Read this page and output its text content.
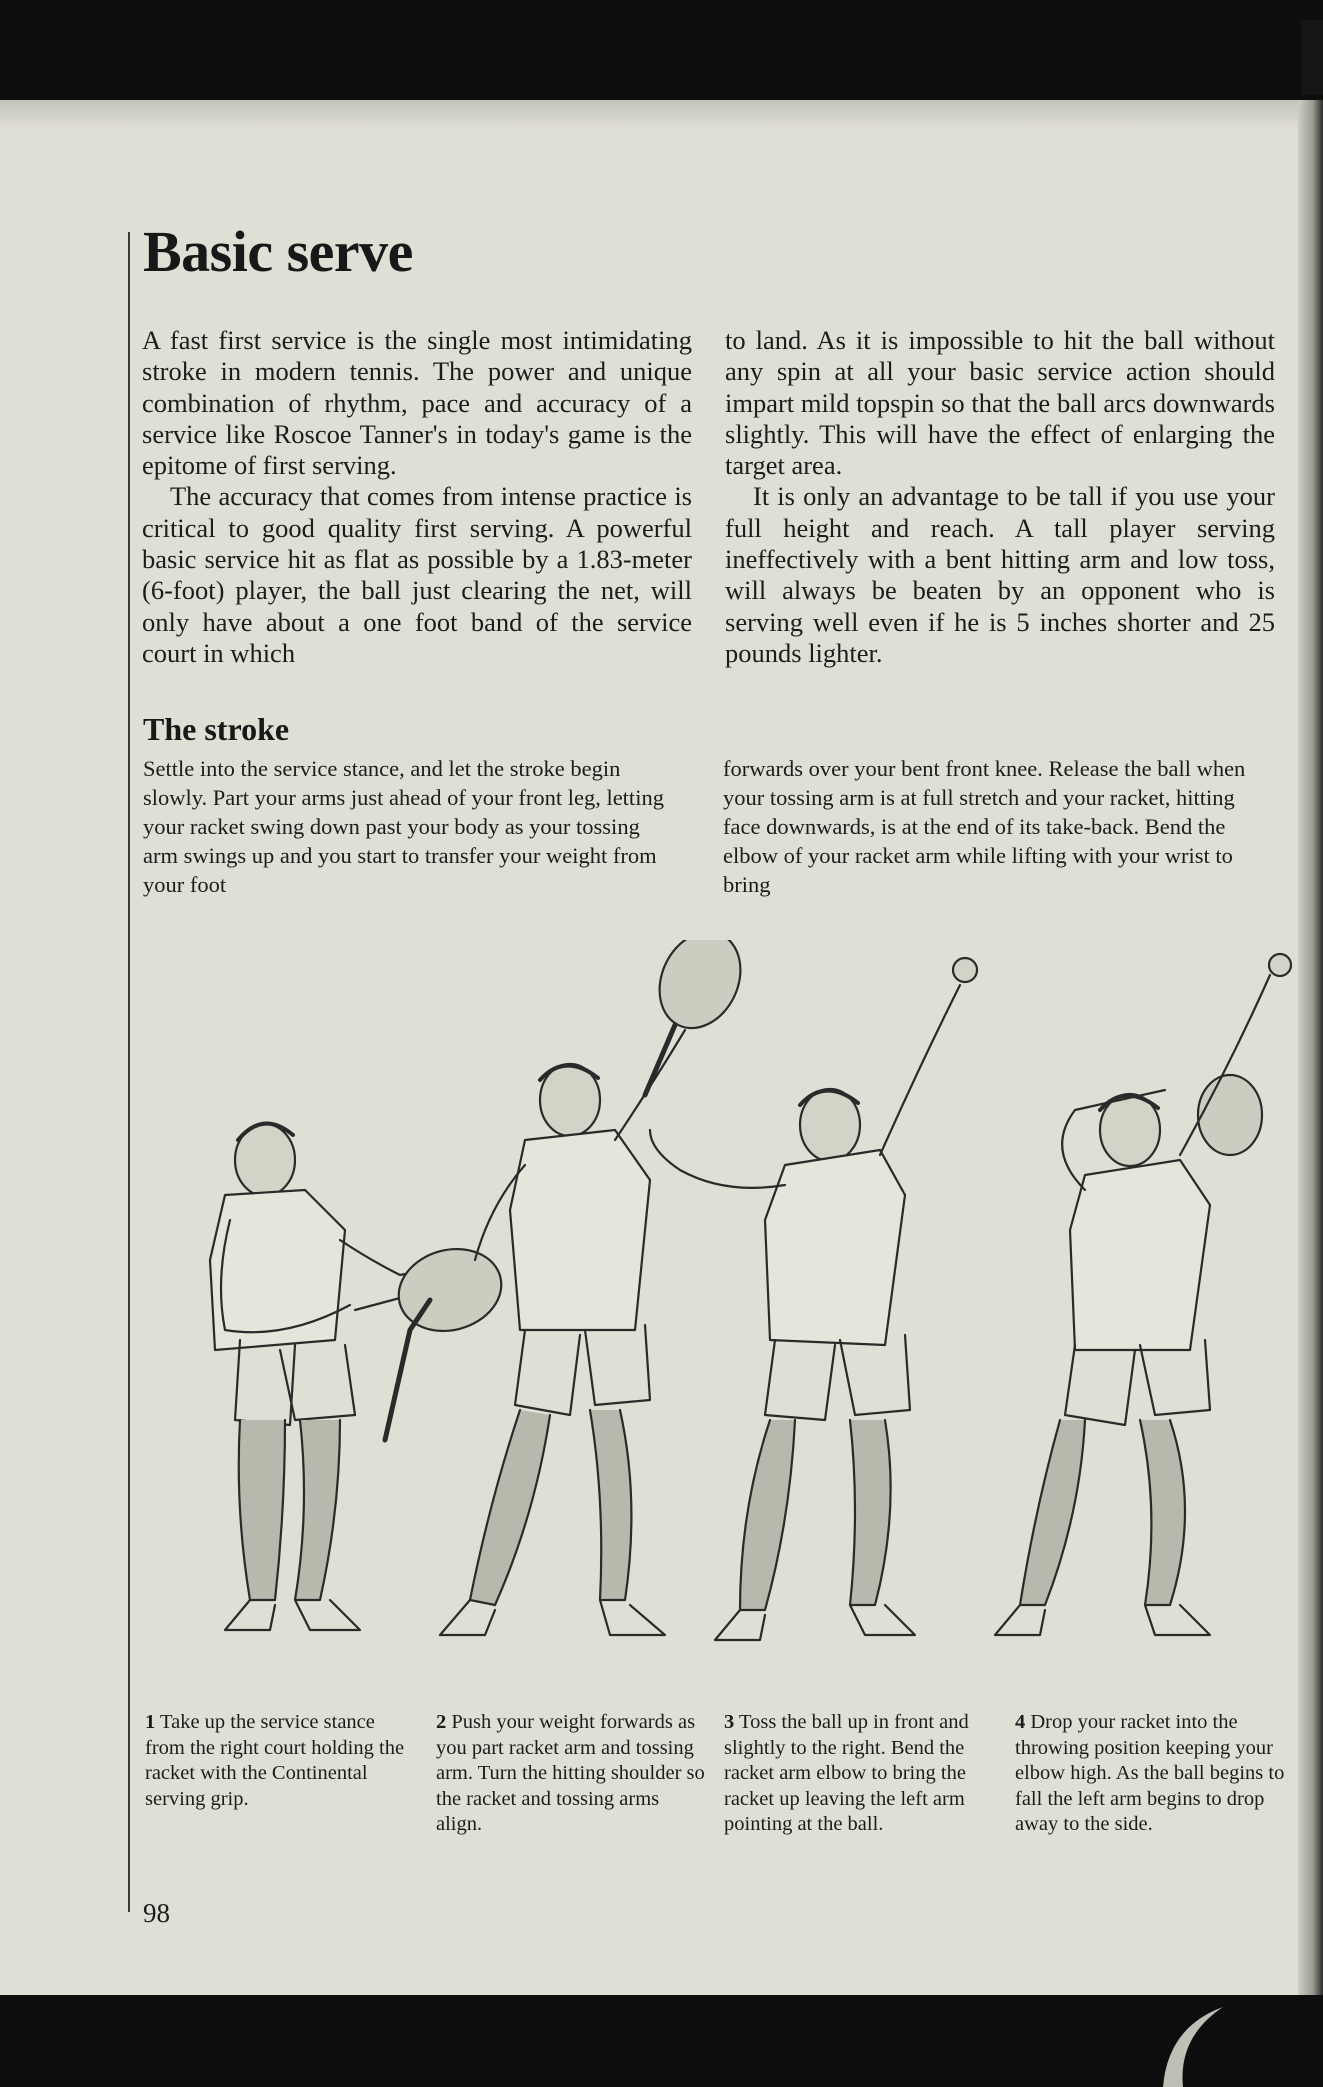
Basic serve

A fast first service is the single most intimidating stroke in modern tennis. The power and unique combination of rhythm, pace and accuracy of a service like Roscoe Tanner's in today's game is the epitome of first serving.

The accuracy that comes from intense practice is critical to good quality first serving. A powerful basic service hit as flat as possible by a 1.83-meter (6-foot) player, the ball just clearing the net, will only have about a one foot band of the service court in which

to land. As it is impossible to hit the ball without any spin at all your basic service action should impart mild topspin so that the ball arcs downwards slightly. This will have the effect of enlarging the target area.

It is only an advantage to be tall if you use your full height and reach. A tall player serving ineffectively with a bent hitting arm and low toss, will always be beaten by an opponent who is serving well even if he is 5 inches shorter and 25 pounds lighter.

The stroke

Settle into the service stance, and let the stroke begin slowly. Part your arms just ahead of your front leg, letting your racket swing down past your body as your tossing arm swings up and you start to transfer your weight from your foot

forwards over your bent front knee. Release the ball when your tossing arm is at full stretch and your racket, hitting face downwards, is at the end of its take-back. Bend the elbow of your racket arm while lifting with your wrist to bring

1 Take up the service stance from the right court holding the racket with the Continental serving grip.

2 Push your weight forwards as you part racket arm and tossing arm. Turn the hitting shoulder so the racket and tossing arms align.

3 Toss the ball up in front and slightly to the right. Bend the racket arm elbow to bring the racket up leaving the left arm pointing at the ball.

4 Drop your racket into the throwing position keeping your elbow high. As the ball begins to fall the left arm begins to drop away to the side.

98
